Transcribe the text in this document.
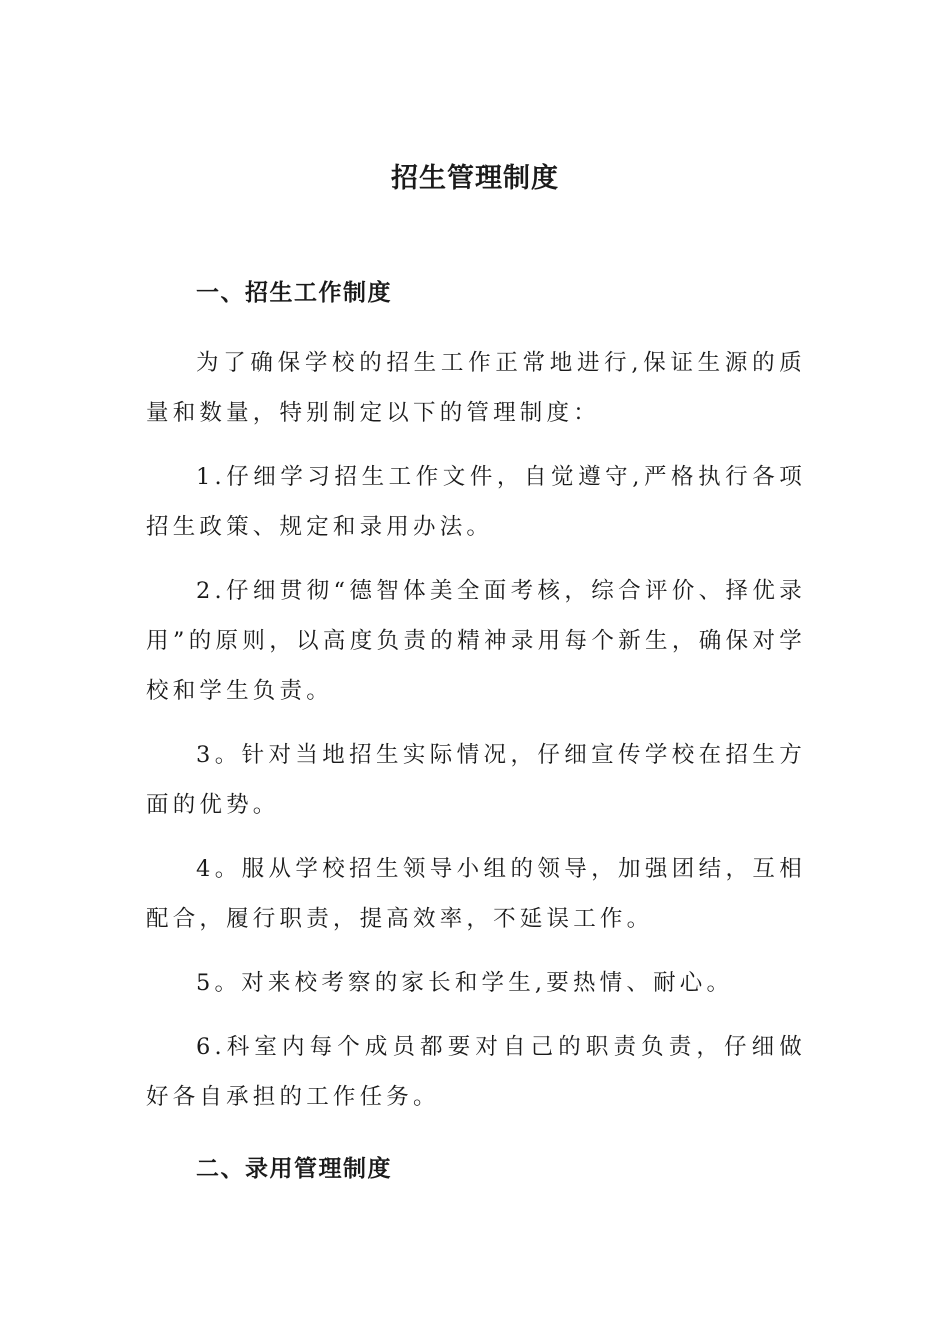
招生管理制度
一、招生工作制度
为了确保学校的招生工作正常地进行,保证生源的质量和数量，特别制定以下的管理制度：
1.仔细学习招生工作文件，自觉遵守,严格执行各项招生政策、规定和录用办法。
2.仔细贯彻“德智体美全面考核，综合评价、择优录用”的原则，以高度负责的精神录用每个新生，确保对学校和学生负责。
3。针对当地招生实际情况，仔细宣传学校在招生方面的优势。
4。服从学校招生领导小组的领导，加强团结，互相配合，履行职责，提高效率，不延误工作。
5。对来校考察的家长和学生,要热情、耐心。
6.科室内每个成员都要对自己的职责负责，仔细做好各自承担的工作任务。
二、录用管理制度
